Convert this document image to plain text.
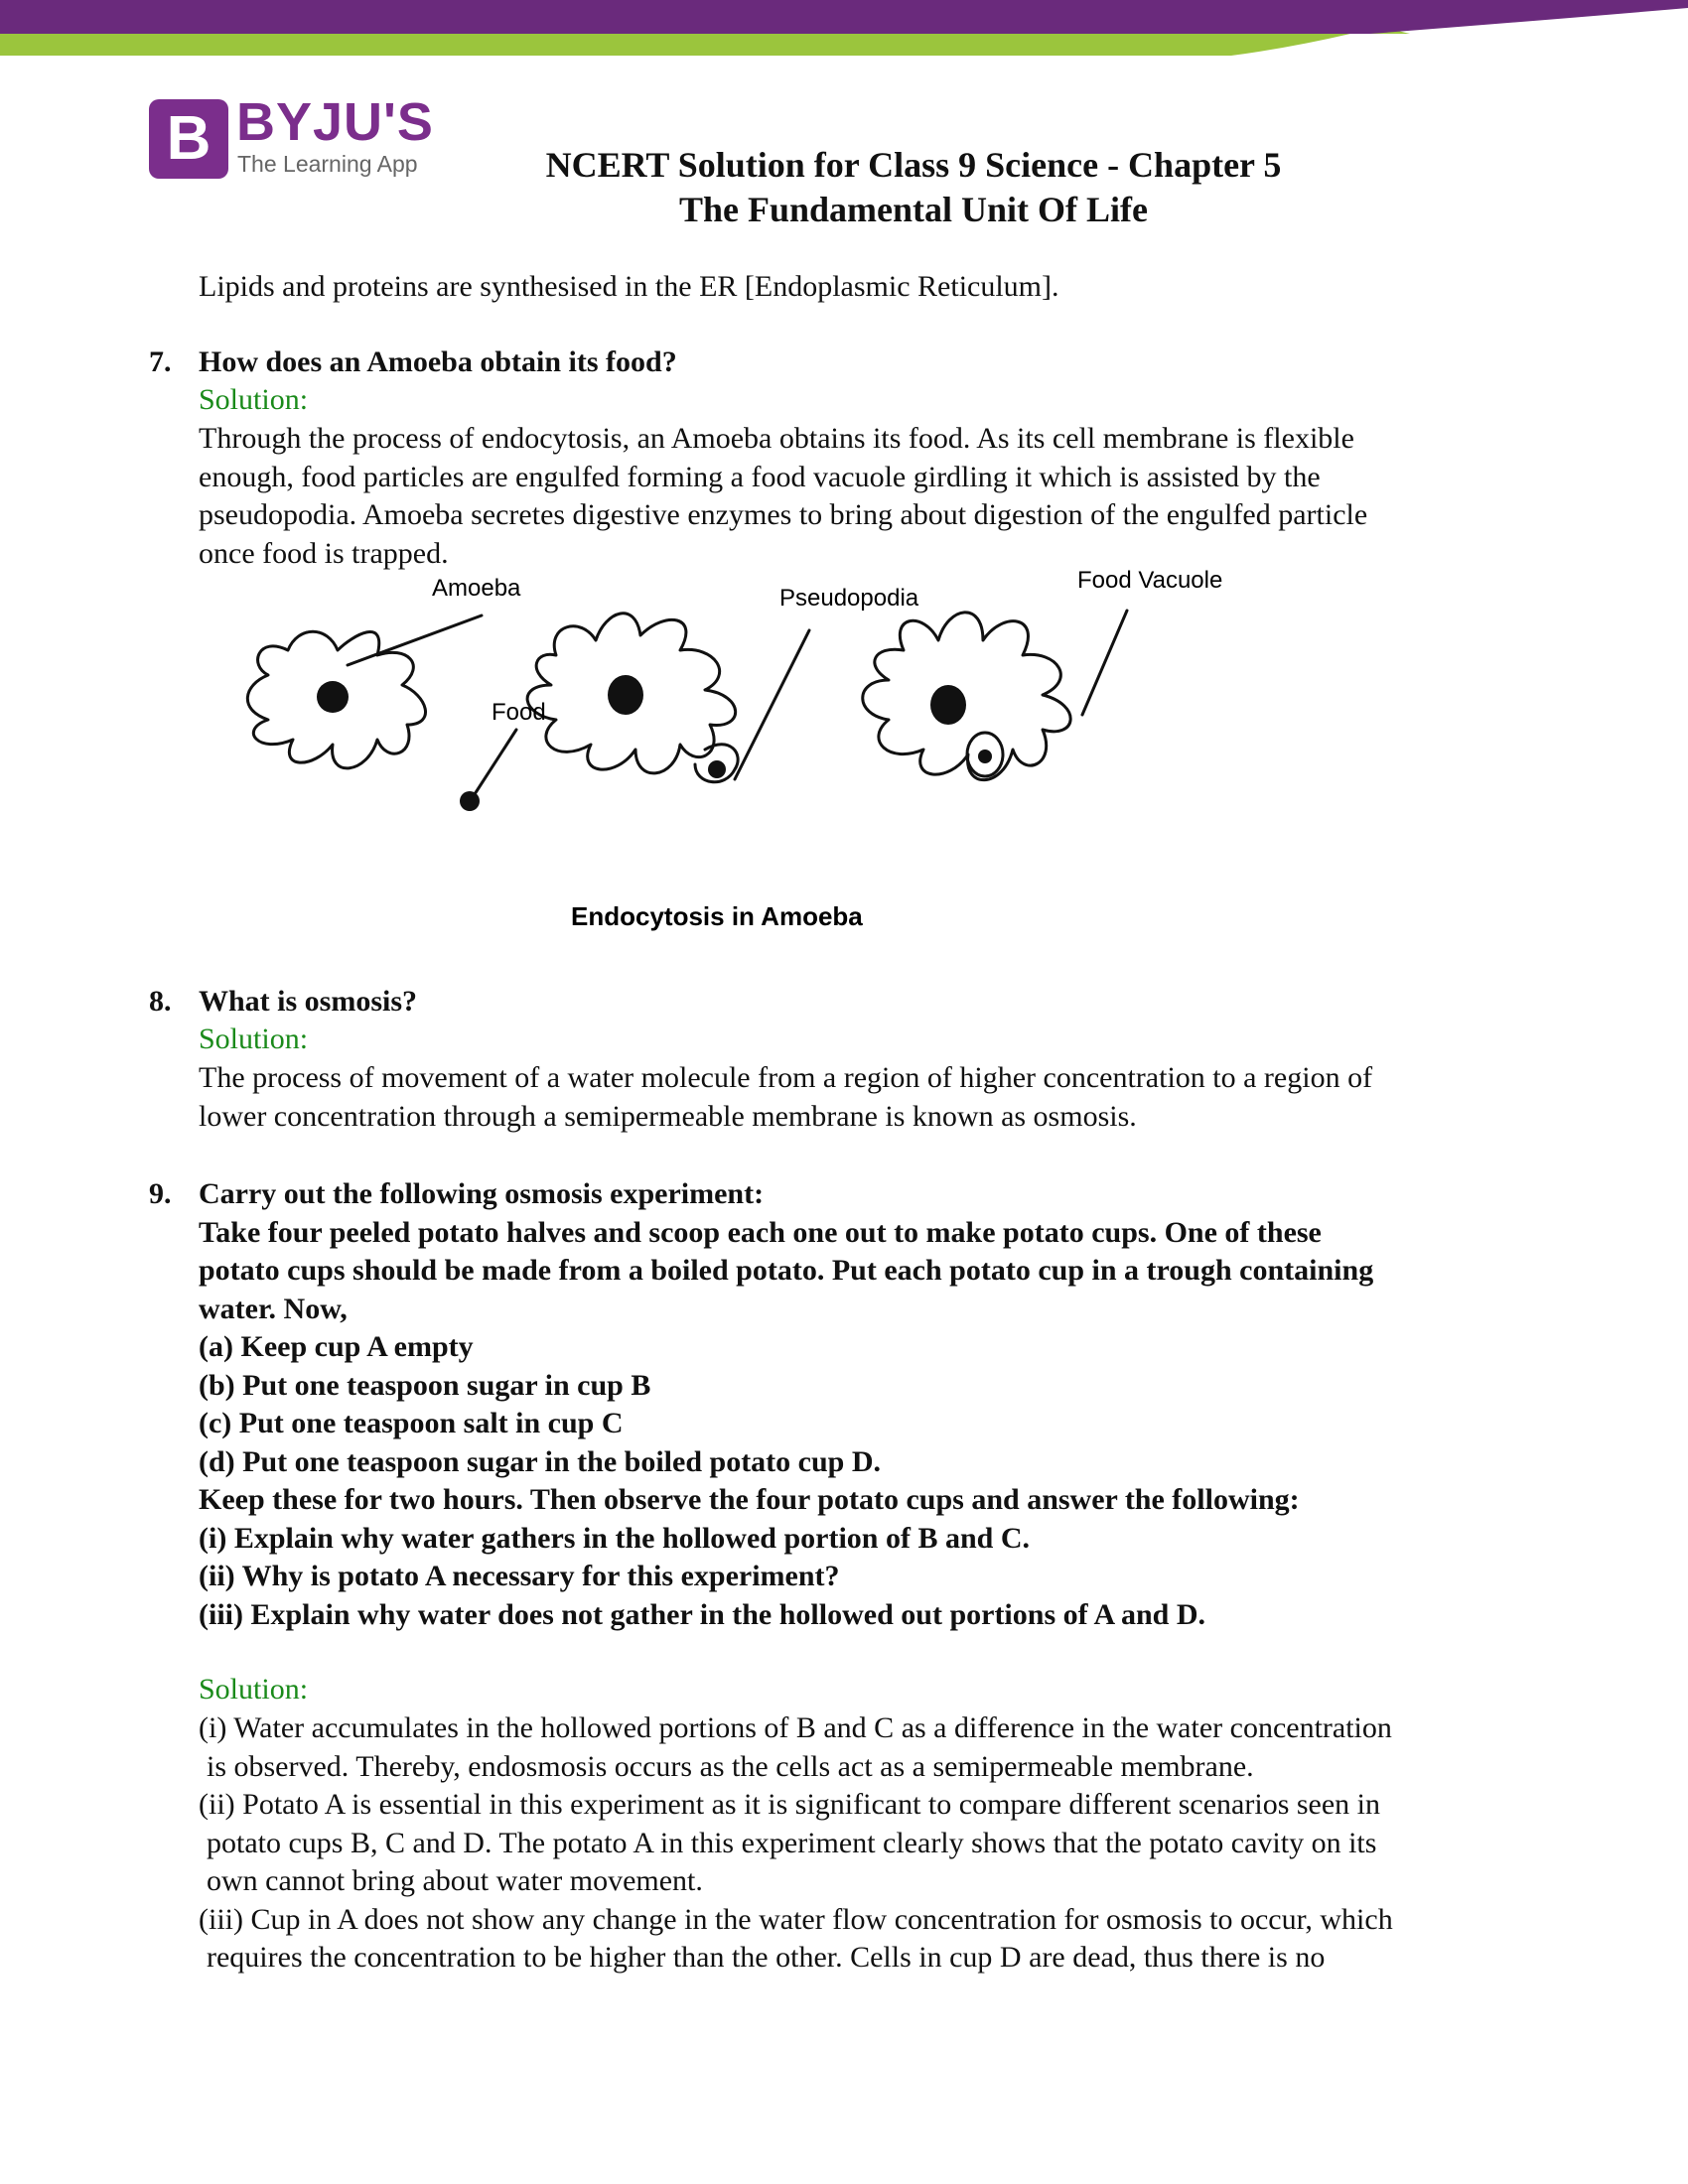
B BYJU'S
The Learning App	NCERT Solution for Class 9 Science - Chapter 5
The Fundamental Unit Of Life
Lipids and proteins are synthesised in the ER [Endoplasmic Reticulum].
7. How does an Amoeba obtain its food?
Solution:
Through the process of endocytosis, an Amoeba obtains its food. As its cell membrane is flexible
enough, food particles are engulfed forming a food vacuole girdling it which is assisted by the
pseudopodia. Amoeba secretes digestive enzymes to bring about digestion of the engulfed particle
once food is trapped.
Amoeba
Food
Pseudopodia
Food Vacuole
Endocytosis in Amoeba
8. What is osmosis?
Solution:
The process of movement of a water molecule from a region of higher concentration to a region of
lower concentration through a semipermeable membrane is known as osmosis.
9. Carry out the following osmosis experiment:
Take four peeled potato halves and scoop each one out to make potato cups. One of these
potato cups should be made from a boiled potato. Put each potato cup in a trough containing
water. Now,
(a) Keep cup A empty
(b) Put one teaspoon sugar in cup B
(c) Put one teaspoon salt in cup C
(d) Put one teaspoon sugar in the boiled potato cup D.
Keep these for two hours. Then observe the four potato cups and answer the following:
(i) Explain why water gathers in the hollowed portion of B and C.
(ii) Why is potato A necessary for this experiment?
(iii) Explain why water does not gather in the hollowed out portions of A and D.
Solution:
(i) Water accumulates in the hollowed portions of B and C as a difference in the water concentration
is observed. Thereby, endosmosis occurs as the cells act as a semipermeable membrane.
(ii) Potato A is essential in this experiment as it is significant to compare different scenarios seen in
potato cups B, C and D. The potato A in this experiment clearly shows that the potato cavity on its
own cannot bring about water movement.
(iii) Cup in A does not show any change in the water flow concentration for osmosis to occur, which
requires the concentration to be higher than the other. Cells in cup D are dead, thus there is no
